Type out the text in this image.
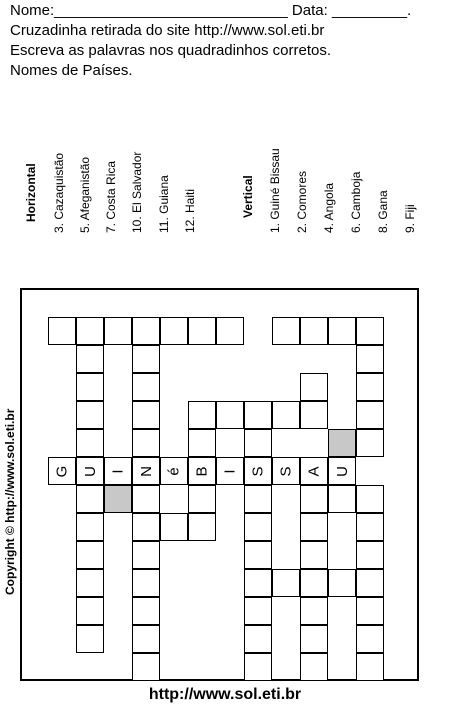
Nome:____________________________ Data: _________.
Cruzadinha retirada do site http://www.sol.eti.br
Escreva as palavras nos quadradinhos corretos.
Nomes de Países.
Horizontal 3. Cazaquistão 5. Afeganistão 7. Costa Rica 10. El Salvador 11. Guiana 12. Haiti	Vertical 1. Guiné Bissau 2. Comores 4. Angola 6. Camboja 8. Gana 9. Fiji
G U I N é B I S S A U
Copyright © http://www.sol.eti.br
http://www.sol.eti.br
